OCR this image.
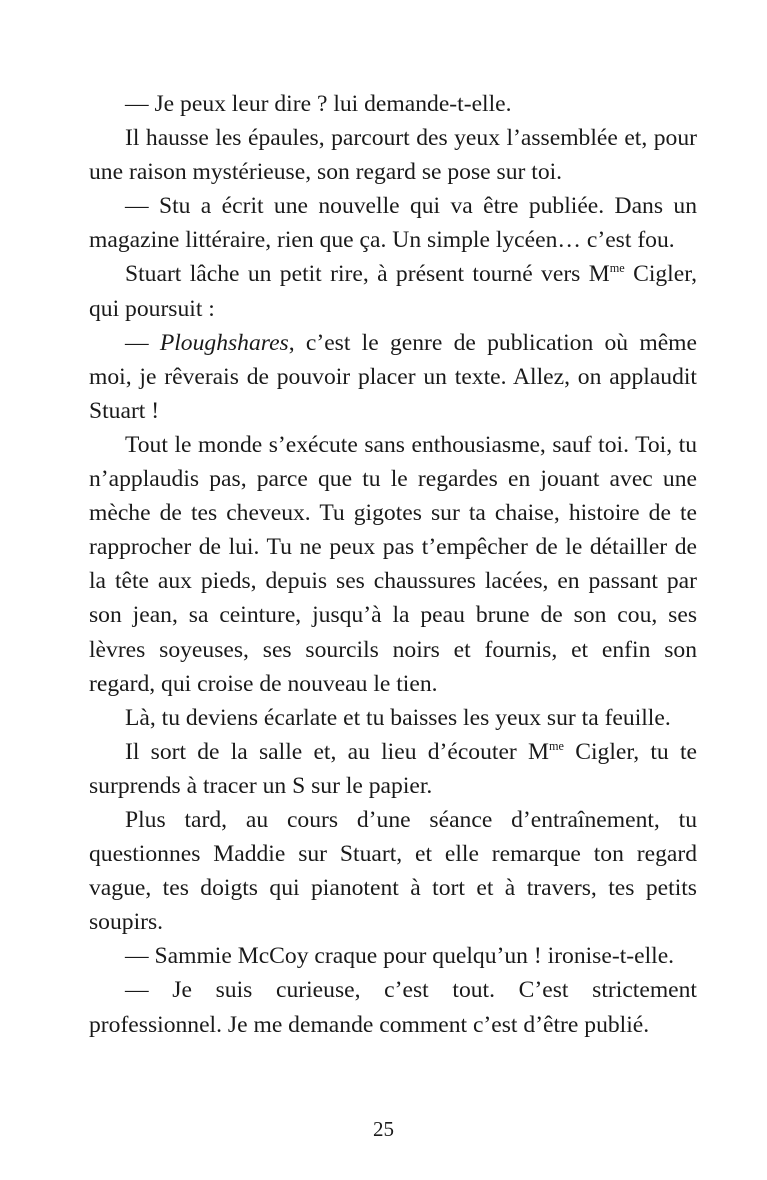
— Je peux leur dire ? lui demande-t-elle.

Il hausse les épaules, parcourt des yeux l’assemblée et, pour une raison mystérieuse, son regard se pose sur toi.

— Stu a écrit une nouvelle qui va être publiée. Dans un magazine littéraire, rien que ça. Un simple lycéen… c’est fou.

Stuart lâche un petit rire, à présent tourné vers $M^{me}$ Cigler, qui poursuit :

— Ploughshares, c’est le genre de publication où même moi, je rêverais de pouvoir placer un texte. Allez, on applaudit Stuart !

Tout le monde s’exécute sans enthousiasme, sauf toi. Toi, tu n’applaudis pas, parce que tu le regardes en jouant avec une mèche de tes cheveux. Tu gigotes sur ta chaise, histoire de te rapprocher de lui. Tu ne peux pas t’empêcher de le détailler de la tête aux pieds, depuis ses chaussures lacées, en passant par son jean, sa ceinture, jusqu’à la peau brune de son cou, ses lèvres soyeuses, ses sourcils noirs et fournis, et enfin son regard, qui croise de nouveau le tien.

Là, tu deviens écarlate et tu baisses les yeux sur ta feuille.

Il sort de la salle et, au lieu d’écouter $M^{me}$ Cigler, tu te surprends à tracer un S sur le papier.

Plus tard, au cours d’une séance d’entraînement, tu questionnes Maddie sur Stuart, et elle remarque ton regard vague, tes doigts qui pianotent à tort et à travers, tes petits soupirs.

— Sammie McCoy craque pour quelqu’un ! ironise-t-elle.

— Je suis curieuse, c’est tout. C’est strictement professionnel. Je me demande comment c’est d’être publié.

25
